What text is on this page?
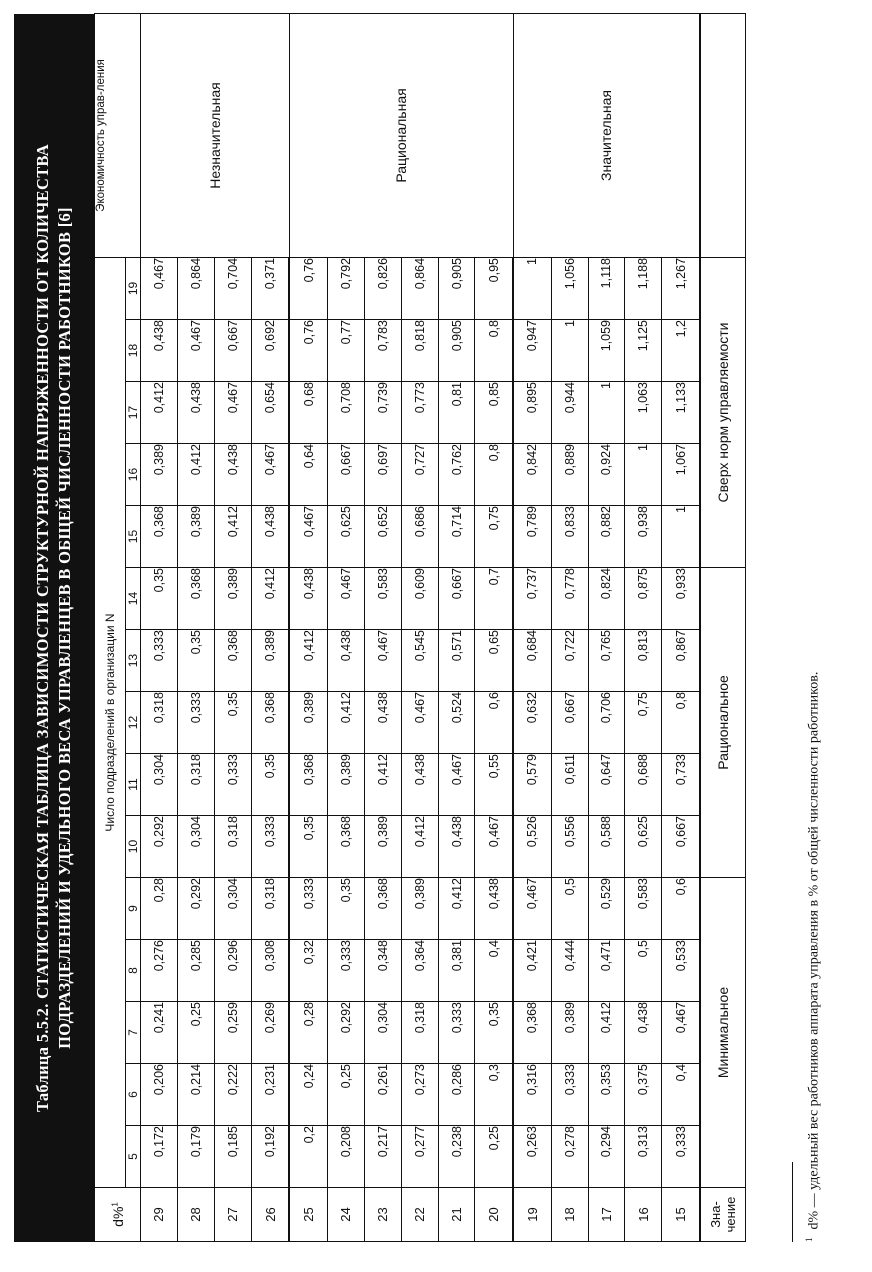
Таблица 5.5.2. СТАТИСТИЧЕСКАЯ ТАБЛИЦА ЗАВИСИМОСТИ СТРУКТУРНОЙ НАПРЯЖЕННОСТИ ОТ КОЛИЧЕСТВА ПОДРАЗДЕЛЕНИЙ И УДЕЛЬНОГО ВЕСА УПРАВЛЕНЦЕВ В ОБЩЕЙ ЧИСЛЕННОСТИ РАБОТНИКОВ [6]
d%$^1$	Число подразделений в организации N															Экономичность управ-ления
	5	6	7	8	9	10	11	12	13	14	15	16	17	18	19	
29	0,172	0,206	0,241	0,276	0,28	0,292	0,304	0,318	0,333	0,35	0,368	0,389	0,412	0,438	0,467	Незначительная
28	0,179	0,214	0,25	0,285	0,292	0,304	0,318	0,333	0,35	0,368	0,389	0,412	0,438	0,467	0,864	
27	0,185	0,222	0,259	0,296	0,304	0,318	0,333	0,35	0,368	0,389	0,412	0,438	0,467	0,667	0,704	
26	0,192	0,231	0,269	0,308	0,318	0,333	0,35	0,368	0,389	0,412	0,438	0,467	0,654	0,692	0,371	
25	0,2	0,24	0,28	0,32	0,333	0,35	0,368	0,389	0,412	0,438	0,467	0,64	0,68	0,76	0,76	Рациональная
24	0,208	0,25	0,292	0,333	0,35	0,368	0,389	0,412	0,438	0,467	0,625	0,667	0,708	0,77	0,792	
23	0,217	0,261	0,304	0,348	0,368	0,389	0,412	0,438	0,467	0,583	0,652	0,697	0,739	0,783	0,826	
22	0,277	0,273	0,318	0,364	0,389	0,412	0,438	0,467	0,545	0,609	0,686	0,727	0,773	0,818	0,864	
21	0,238	0,286	0,333	0,381	0,412	0,438	0,467	0,524	0,571	0,667	0,714	0,762	0,81	0,905	0,905	
20	0,25	0,3	0,35	0,4	0,438	0,467	0,55	0,6	0,65	0,7	0,75	0,8	0,85	0,8	0,95	
19	0,263	0,316	0,368	0,421	0,467	0,526	0,579	0,632	0,684	0,737	0,789	0,842	0,895	0,947	1	Значительная
18	0,278	0,333	0,389	0,444	0,5	0,556	0,611	0,667	0,722	0,778	0,833	0,889	0,944	1	1,056	
17	0,294	0,353	0,412	0,471	0,529	0,588	0,647	0,706	0,765	0,824	0,882	0,924	1	1,059	1,118	
16	0,313	0,375	0,438	0,5	0,583	0,625	0,688	0,75	0,813	0,875	0,938	1	1,063	1,125	1,188	
15	0,333	0,4	0,467	0,533	0,6	0,667	0,733	0,8	0,867	0,933	1	1,067	1,133	1,2	1,267	
Зна-чение	Минимальное					Рациональное					Сверх норм управляемости					
$^1$d% — удельный вес работников аппарата управления в % от общей численности работников.
